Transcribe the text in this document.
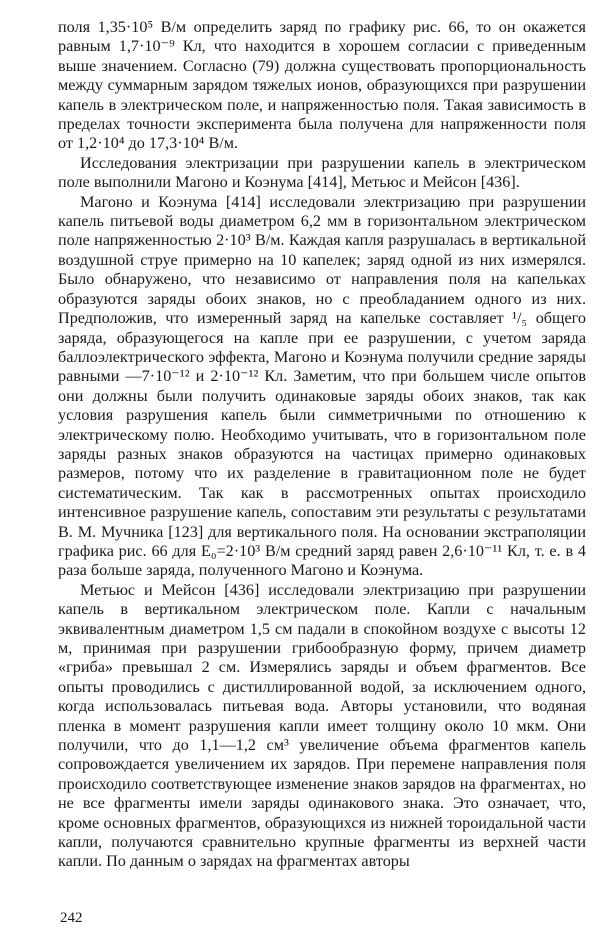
поля 1,35·10⁵ В/м определить заряд по графику рис. 66, то он окажется равным 1,7·10⁻⁹ Кл, что находится в хорошем согласии с приведенным выше значением. Согласно (79) должна существовать пропорциональность между суммарным зарядом тяжелых ионов, образующихся при разрушении капель в электрическом поле, и напряженностью поля. Такая зависимость в пределах точности эксперимента была получена для напряженности поля от 1,2·10⁴ до 17,3·10⁴ В/м.

Исследования электризации при разрушении капель в электрическом поле выполнили Магоно и Коэнума [414], Метьюс и Мейсон [436].

Магоно и Коэнума [414] исследовали электризацию при разрушении капель питьевой воды диаметром 6,2 мм в горизонтальном электрическом поле напряженностью 2·10³ В/м. Каждая капля разрушалась в вертикальной воздушной струе примерно на 10 капелек; заряд одной из них измерялся. Было обнаружено, что независимо от направления поля на капельках образуются заряды обоих знаков, но с преобладанием одного из них. Предположив, что измеренный заряд на капельке составляет ¹/₅ общего заряда, образующегося на капле при ее разрушении, с учетом заряда баллоэлектрического эффекта, Магоно и Коэнума получили средние заряды равными —7·10⁻¹² и 2·10⁻¹² Кл. Заметим, что при большем числе опытов они должны были получить одинаковые заряды обоих знаков, так как условия разрушения капель были симметричными по отношению к электрическому полю. Необходимо учитывать, что в горизонтальном поле заряды разных знаков образуются на частицах примерно одинаковых размеров, потому что их разделение в гравитационном поле не будет систематическим. Так как в рассмотренных опытах происходило интенсивное разрушение капель, сопоставим эти результаты с результатами В. М. Мучника [123] для вертикального поля. На основании экстраполяции графика рис. 66 для E₀=2·10³ В/м средний заряд равен 2,6·10⁻¹¹ Кл, т. е. в 4 раза больше заряда, полученного Магоно и Коэнума.

Метьюс и Мейсон [436] исследовали электризацию при разрушении капель в вертикальном электрическом поле. Капли с начальным эквивалентным диаметром 1,5 см падали в спокойном воздухе с высоты 12 м, принимая при разрушении грибообразную форму, причем диаметр «гриба» превышал 2 см. Измерялись заряды и объем фрагментов. Все опыты проводились с дистиллированной водой, за исключением одного, когда использовалась питьевая вода. Авторы установили, что водяная пленка в момент разрушения капли имеет толщину около 10 мкм. Они получили, что до 1,1—1,2 см³ увеличение объема фрагментов капель сопровождается увеличением их зарядов. При перемене направления поля происходило соответствующее изменение знаков зарядов на фрагментах, но не все фрагменты имели заряды одинакового знака. Это означает, что, кроме основных фрагментов, образующихся из нижней тороидальной части капли, получаются сравнительно крупные фрагменты из верхней части капли. По данным о зарядах на фрагментах авторы

242
